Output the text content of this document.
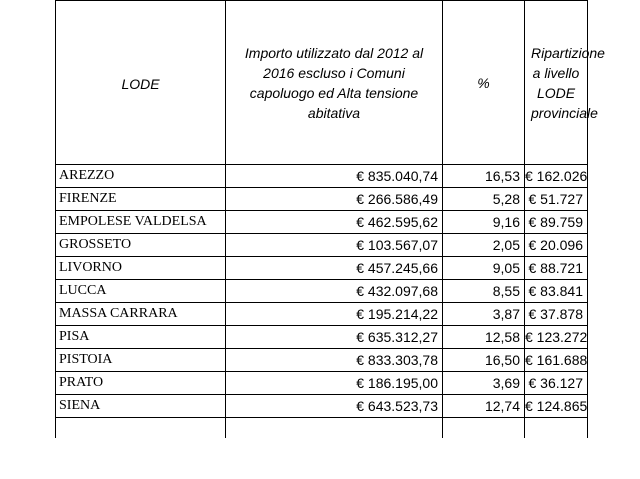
LODE	Importo utilizzato dal 2012 al 2016 escluso i Comuni capoluogo ed Alta tensione abitativa	%	Ripartizione a livello LODE provinciale

AREZZO	€ 835.040,74	16,53	€ 162.026
FIRENZE	€ 266.586,49	5,28	€ 51.727
EMPOLESE VALDELSA	€ 462.595,62	9,16	€ 89.759
GROSSETO	€ 103.567,07	2,05	€ 20.096
LIVORNO	€ 457.245,66	9,05	€ 88.721
LUCCA	€ 432.097,68	8,55	€ 83.841
MASSA CARRARA	€ 195.214,22	3,87	€ 37.878
PISA	€ 635.312,27	12,58	€ 123.272
PISTOIA	€ 833.303,78	16,50	€ 161.688
PRATO	€ 186.195,00	3,69	€ 36.127
SIENA	€ 643.523,73	12,74	€ 124.865
